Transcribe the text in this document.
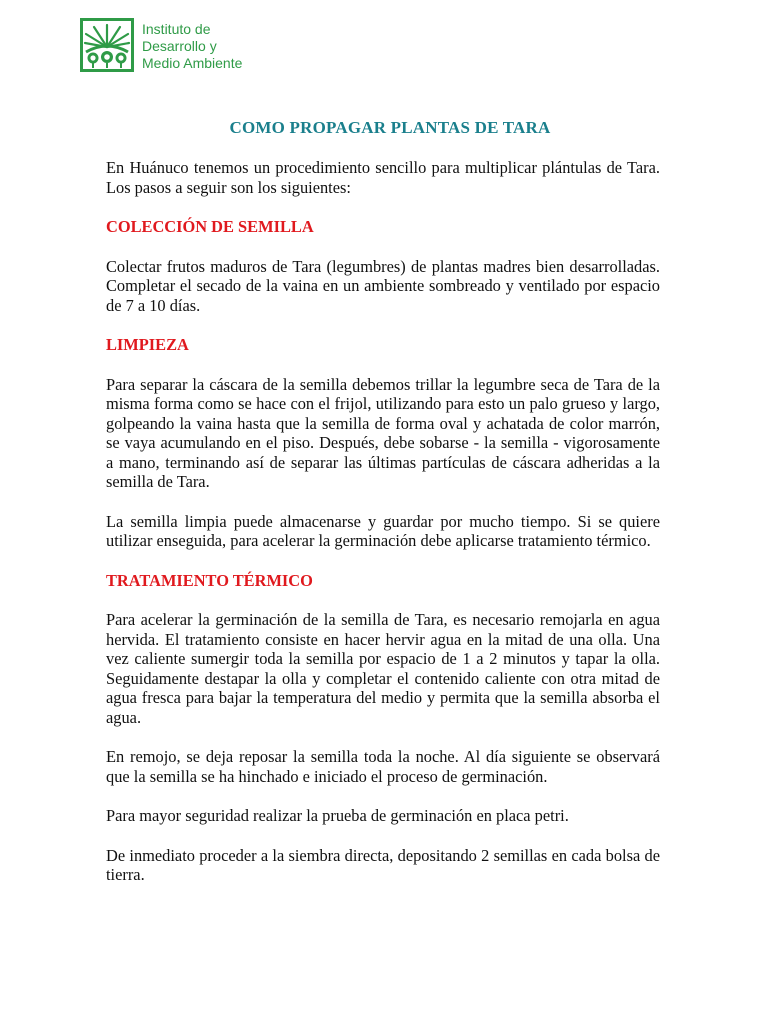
Instituto de
Desarrollo y
Medio Ambiente
COMO PROPAGAR PLANTAS DE TARA

En Huánuco tenemos un procedimiento sencillo para multiplicar plántulas de Tara. Los pasos a seguir son los siguientes:

COLECCIÓN DE SEMILLA

Colectar frutos maduros de Tara (legumbres) de plantas madres bien desarrolladas. Completar el secado de la vaina en un ambiente sombreado y ventilado por espacio de 7 a 10 días.

LIMPIEZA

Para separar la cáscara de la semilla debemos trillar la legumbre seca de Tara de la misma forma como se hace con el frijol, utilizando para esto un palo grueso y largo, golpeando la vaina hasta que la semilla de forma oval y achatada de color marrón, se vaya acumulando en el piso. Después, debe sobarse - la semilla - vigorosamente a mano, terminando así de separar las últimas partículas de cáscara adheridas a la semilla de Tara.

La semilla limpia puede almacenarse y guardar por mucho tiempo. Si se quiere utilizar enseguida, para acelerar la germinación debe aplicarse tratamiento térmico.

TRATAMIENTO TÉRMICO

Para acelerar la germinación de la semilla de Tara, es necesario remojarla en agua hervida. El tratamiento consiste en hacer hervir agua en la mitad de una olla. Una vez caliente sumergir toda la semilla por espacio de 1 a 2 minutos y tapar la olla. Seguidamente destapar la olla y completar el contenido caliente con otra mitad de agua fresca para bajar la temperatura del medio y permita que la semilla absorba el agua.

En remojo, se deja reposar la semilla toda la noche. Al día siguiente se observará que la semilla se ha hinchado e iniciado el proceso de germinación.

Para mayor seguridad realizar la prueba de germinación en placa petri.

De inmediato proceder a la siembra directa, depositando 2 semillas en cada bolsa de tierra.
